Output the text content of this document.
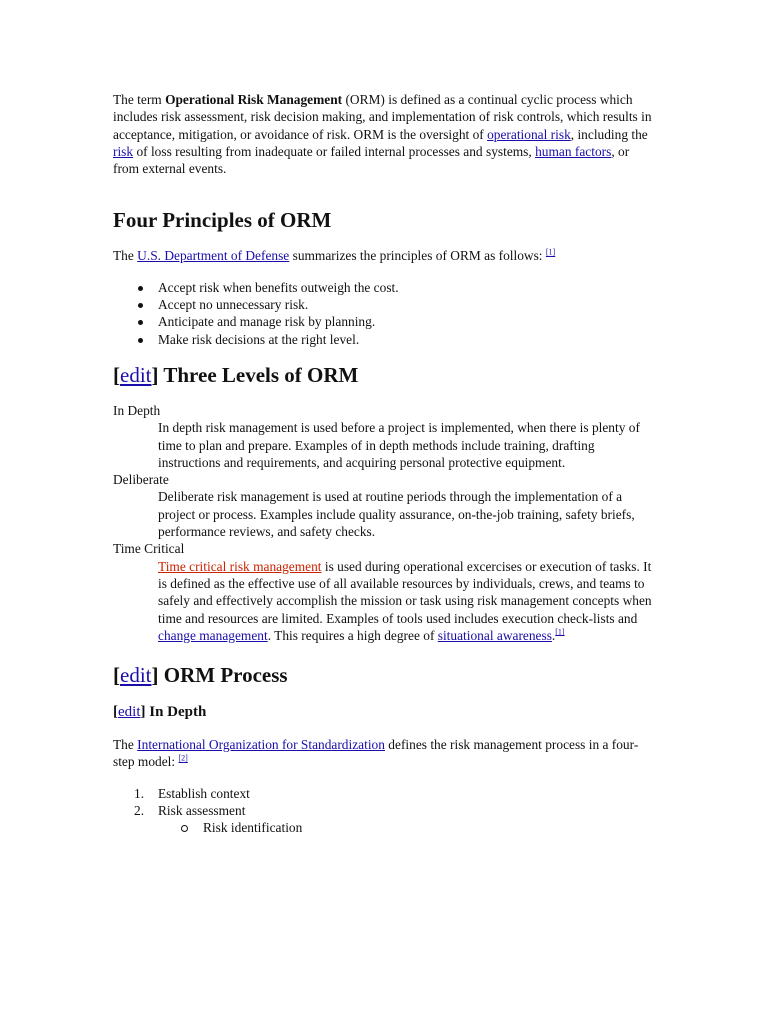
The term Operational Risk Management (ORM) is defined as a continual cyclic process which includes risk assessment, risk decision making, and implementation of risk controls, which results in acceptance, mitigation, or avoidance of risk. ORM is the oversight of operational risk, including the risk of loss resulting from inadequate or failed internal processes and systems, human factors, or from external events.

Four Principles of ORM

The U.S. Department of Defense summarizes the principles of ORM as follows: [1]

Accept risk when benefits outweigh the cost.
Accept no unnecessary risk.
Anticipate and manage risk by planning.
Make risk decisions at the right level.
[edit] Three Levels of ORM
In Depth
In depth risk management is used before a project is implemented, when there is plenty of time to plan and prepare. Examples of in depth methods include training, drafting instructions and requirements, and acquiring personal protective equipment.
Deliberate
Deliberate risk management is used at routine periods through the implementation of a project or process. Examples include quality assurance, on-the-job training, safety briefs, performance reviews, and safety checks.
Time Critical
Time critical risk management is used during operational excercises or execution of tasks. It is defined as the effective use of all available resources by individuals, crews, and teams to safely and effectively accomplish the mission or task using risk management concepts when time and resources are limited. Examples of tools used includes execution check-lists and change management. This requires a high degree of situational awareness.[1]
[edit] ORM Process
[edit] In Depth

The International Organization for Standardization defines the risk management process in a four-step model: [2]

1.	Establish context
2.	Risk assessment
Risk identification
